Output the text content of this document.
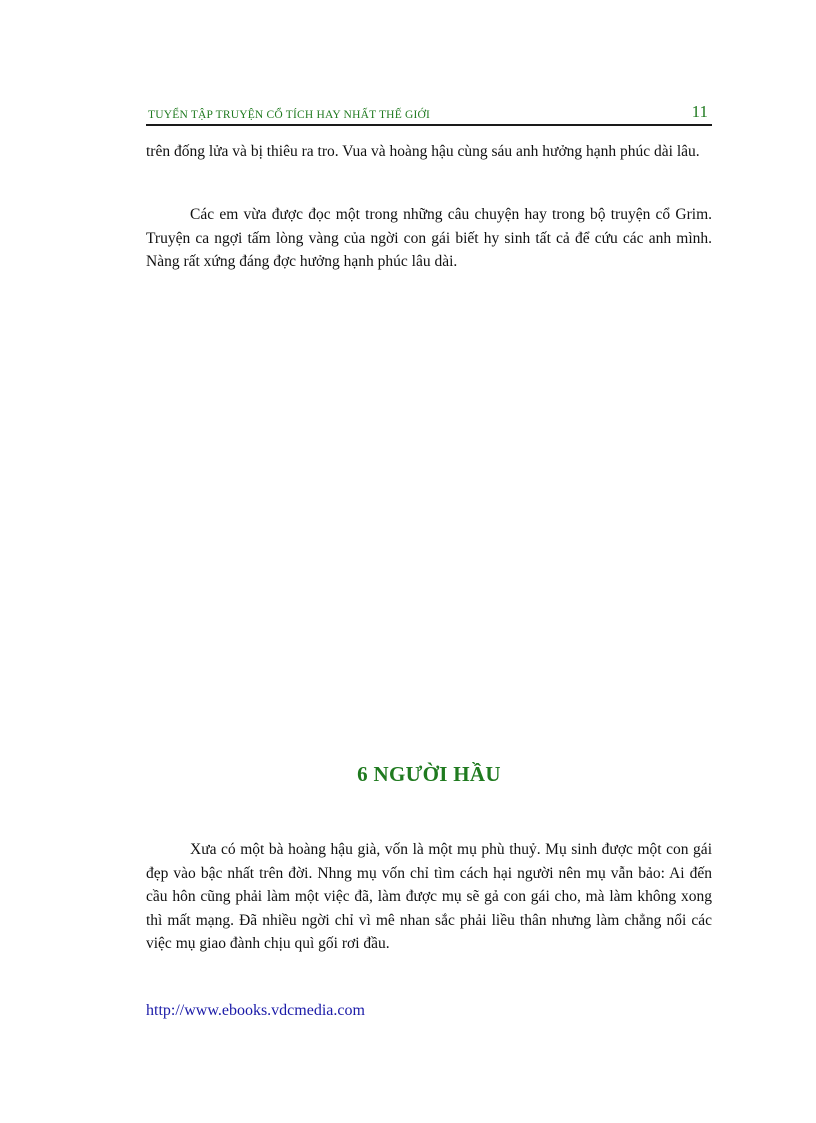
TUYỂN TẬP TRUYỆN CỔ TÍCH HAY NHẤT THẾ GIỚI	11

trên đống lửa và bị thiêu ra tro. Vua và hoàng hậu cùng sáu anh hưởng hạnh phúc dài lâu.

Các em vừa được đọc một trong những câu chuyện hay trong bộ truyện cổ Grim. Truyện ca ngợi tấm lòng vàng của ngời con gái biết hy sinh tất cả để cứu các anh mình. Nàng rất xứng đáng đợc hưởng hạnh phúc lâu dài.

6 NGƯỜI HẦU

Xưa có một bà hoàng hậu già, vốn là một mụ phù thuỷ. Mụ sinh được một con gái đẹp vào bậc nhất trên đời. Nhng mụ vốn chỉ tìm cách hại người nên mụ vẫn bảo: Ai đến cầu hôn cũng phải làm một việc đã, làm được mụ sẽ gả con gái cho, mà làm không xong thì mất mạng. Đã nhiều ngời chỉ vì mê nhan sắc phải liều thân nhưng làm chẳng nổi các việc mụ giao đành chịu quì gối rơi đầu.

http://www.ebooks.vdcmedia.com
